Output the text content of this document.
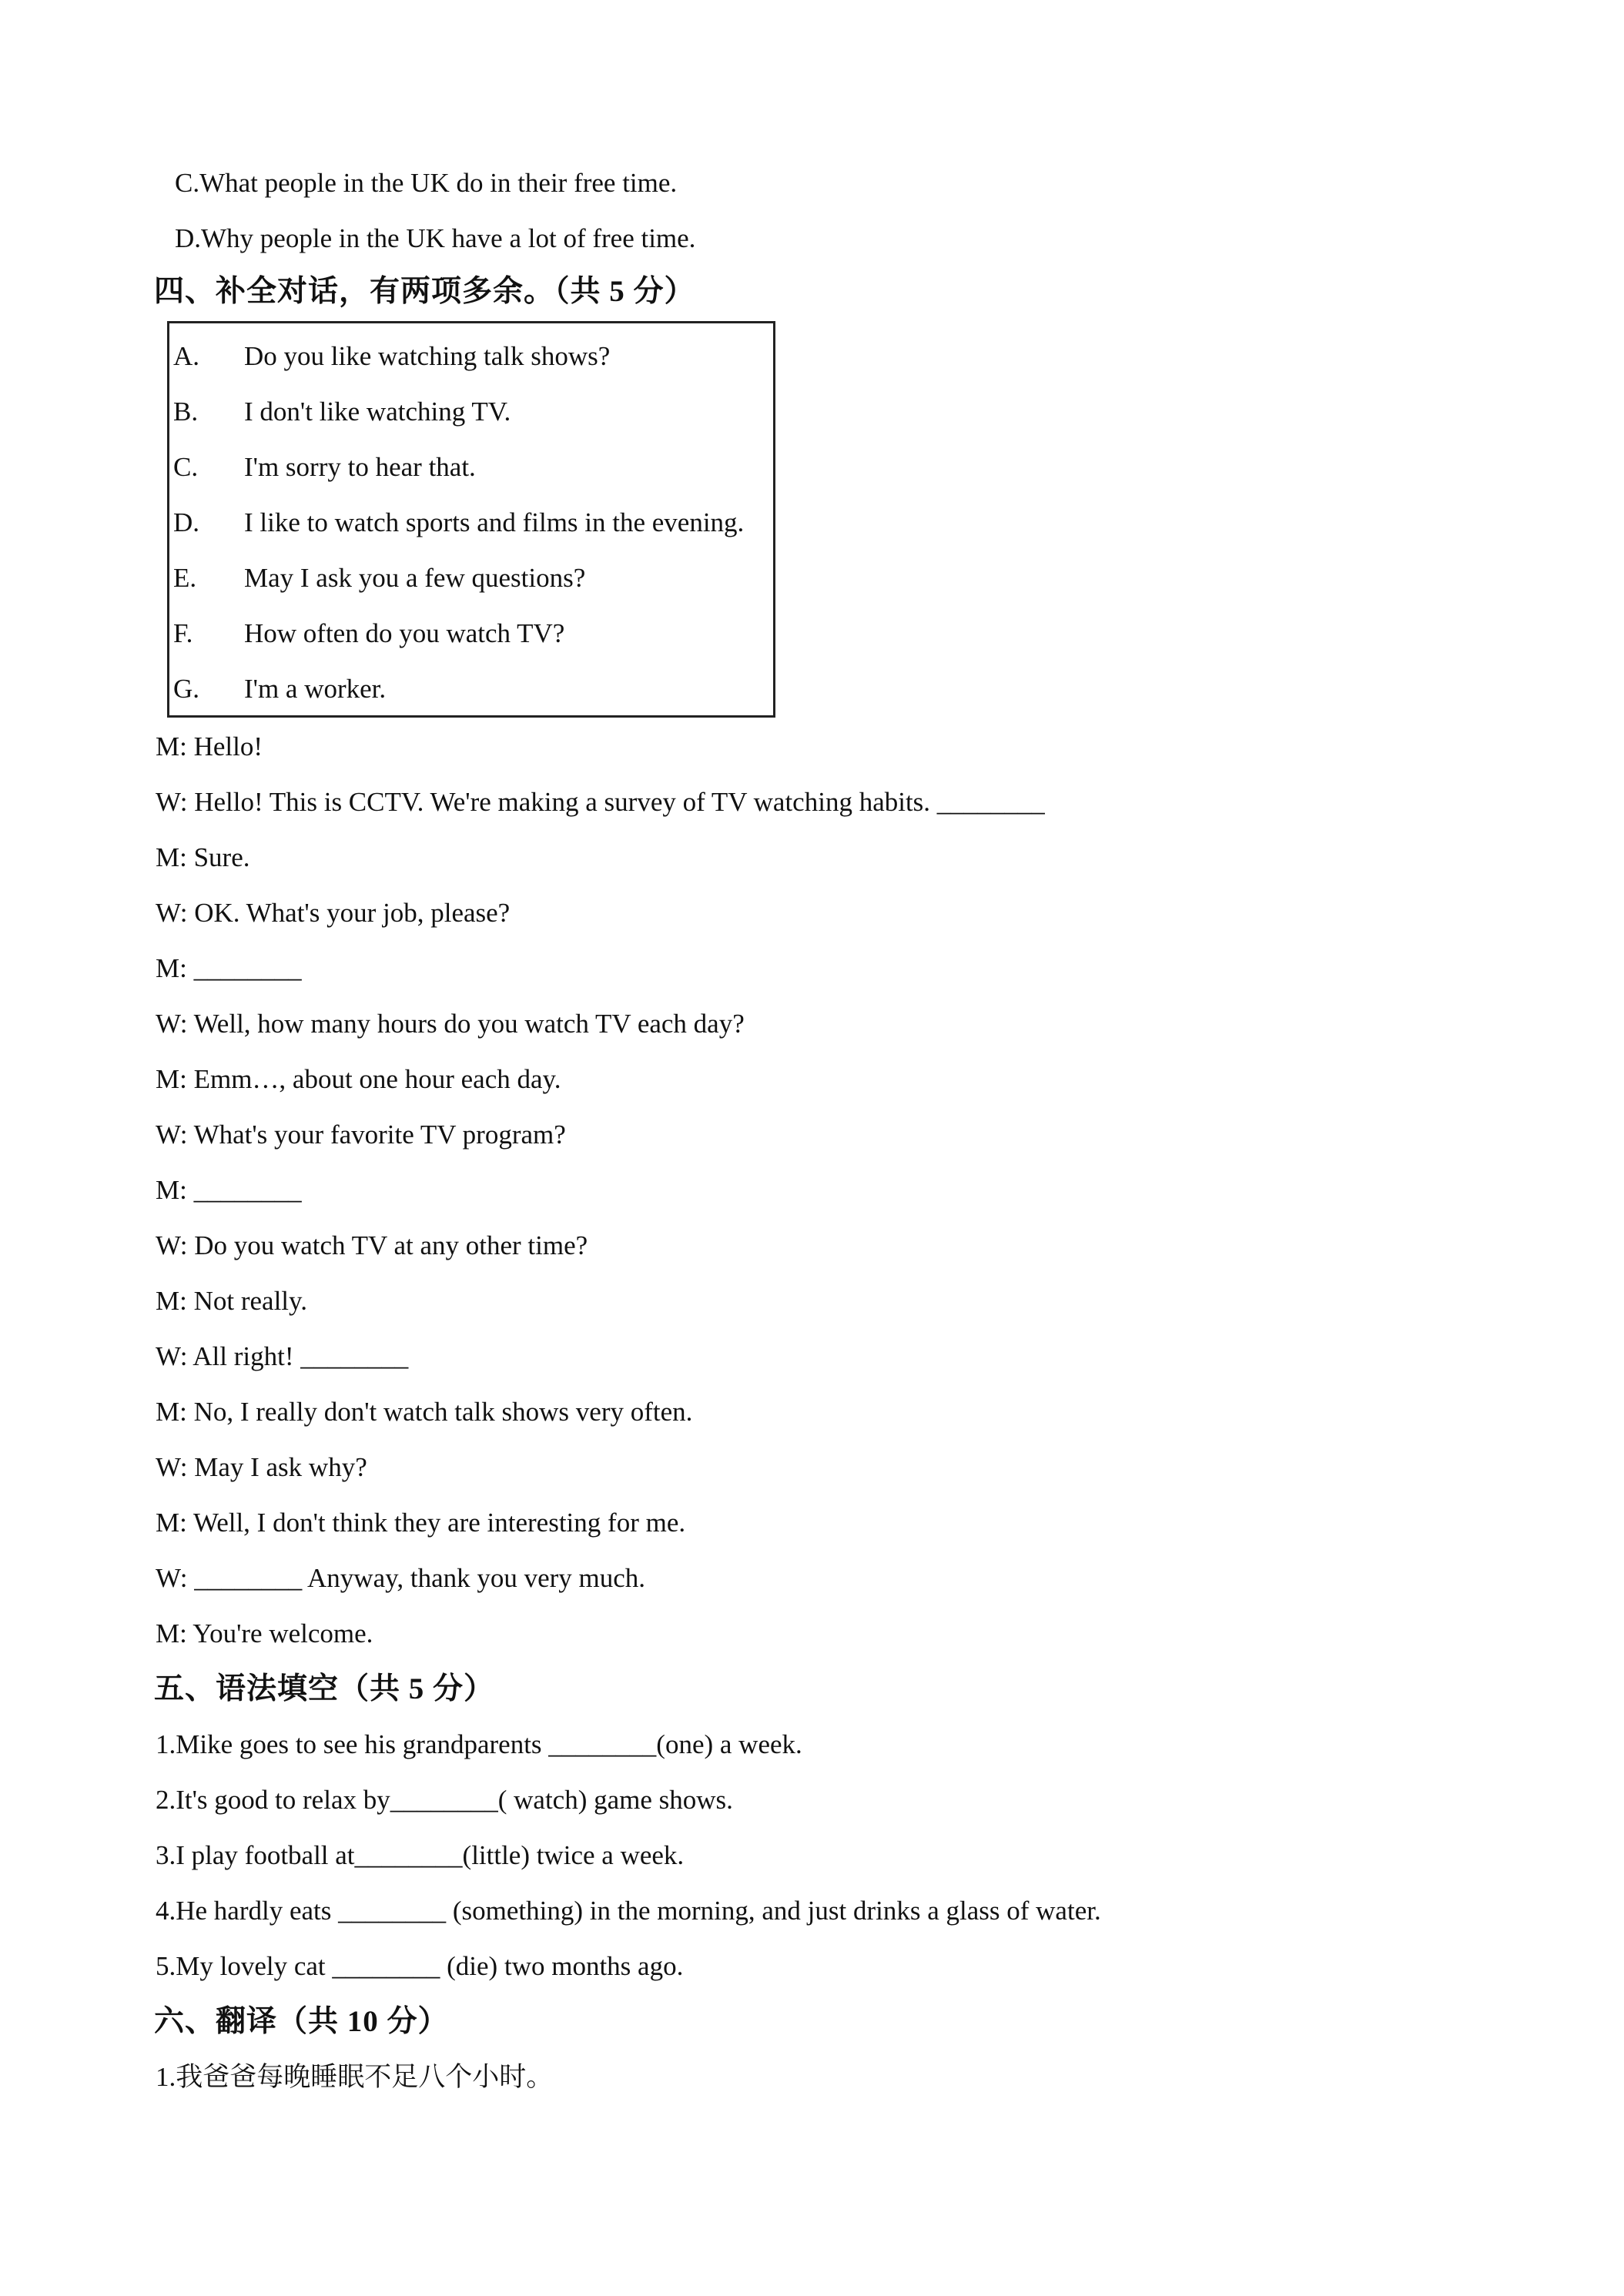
C.What people in the UK do in their free time.
D.Why people in the UK have a lot of free time.
四、补全对话，有两项多余。（共 5 分）
A. Do you like watching talk shows?
B. I don't like watching TV.
C. I'm sorry to hear that.
D. I like to watch sports and films in the evening.
E. May I ask you a few questions?
F. How often do you watch TV?
G. I'm a worker.
M: Hello!
W: Hello! This is CCTV. We're making a survey of TV watching habits. ________
M: Sure.
W: OK. What's your job, please?
M: ________
W: Well, how many hours do you watch TV each day?
M: Emm…, about one hour each day.
W: What's your favorite TV program?
M: ________
W: Do you watch TV at any other time?
M: Not really.
W: All right! ________
M: No, I really don't watch talk shows very often.
W: May I ask why?
M: Well, I don't think they are interesting for me.
W: ________ Anyway, thank you very much.
M: You're welcome.
五、语法填空（共 5 分）
1.Mike goes to see his grandparents ________(one) a week.
2.It's good to relax by________( watch) game shows.
3.I play football at________(little) twice a week.
4.He hardly eats ________ (something) in the morning, and just drinks a glass of water.
5.My lovely cat ________ (die) two months ago.
六、翻译（共 10 分）
1.我爸爸每晚睡眠不足八个小时。
